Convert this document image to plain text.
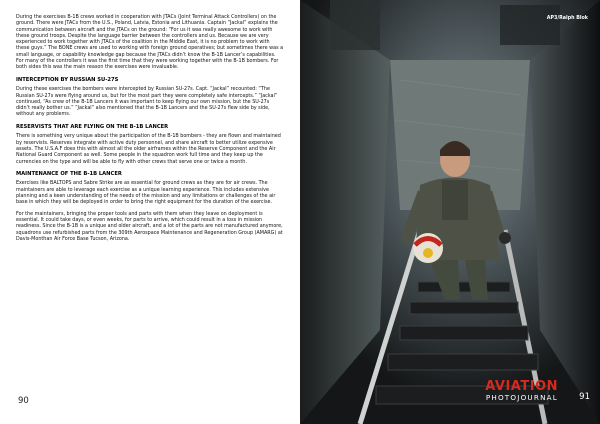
During the exercises B-1B crews worked in cooperation with JTACs (Joint Terminal Attack Controllers) on the ground. There were JTACs from the U.S., Poland, Latvia, Estonia and Lithuania. Captain “Jackal” explains the communication between aircraft and the JTACs on the ground: “For us it was really awesome to work with these ground troops. Despite the language barrier between the controllers and us. Because we are very experienced to work together with JTACs of the coalition in the Middle East, it is no problem to work with these guys.” The BONE crews are used to working with foreign ground operatives; but sometimes there was a small language, or capability knowledge gap because the JTACs didn’t know the B-1B Lancer’s capabilities. For many of the controllers it was the first time that they were working together with the B-1B bombers. For both sides this was the main reason the exercises were invaluable.

INTERCEPTION BY RUSSIAN SU-27S

During these exercises the bombers were intercepted by Russian SU-27s. Capt. “Jackal” recounted: “The Russian SU-27s were flying around us, but for the most part they were completely safe intercepts.” “Jackal” continued, “As crew of the B-1B Lancers it was important to keep flying our own mission, but the SU-27s didn’t really bother us.” “Jackal” also mentioned that the B-1B Lancers and the SU-27s flew side by side, without any problems.

RESERVISTS THAT ARE FLYING ON THE B-1B LANCER

There is something very unique about the participation of the B-1B bombers - they are flown and maintained by reservists. Reserves integrate with active duty personnel, and share aircraft to better utilize expensive assets. The U.S.A.F does this with almost all the older airframes within the Reserve Component and the Air National Guard Component as well. Some people in the squadron work full time and they keep up the currencies on the type and will be able to fly with other crews that serve one or twice a month.

MAINTENANCE OF THE B-1B LANCER

Exercises like BALTOPS and Sabre Strike are as essential for ground crews as they are for air crews. The maintainers are able to leverage each exercise as a unique learning experience. This includes extensive planning and a keen understanding of the needs of the mission and any limitations or challenges of the air base in which they will be deployed in order to bring the right equipment for the duration of the exercise.

For the maintainers, bringing the proper tools and parts with them when they leave on deployment is essential. It could take days, or even weeks, for parts to arrive, which could result in a loss in mission readiness. Since the B-1B is a unique and older aircraft, and a lot of the parts are not manufactured anymore, squadrons use refurbished parts from the 309th Aerospace Maintenance and Regeneration Group (AMARG) at Davis-Monthan Air Force Base Tucson, Arizona.

90
AP3/Ralph Blok
AVIATION
PHOTOJOURNAL 91
